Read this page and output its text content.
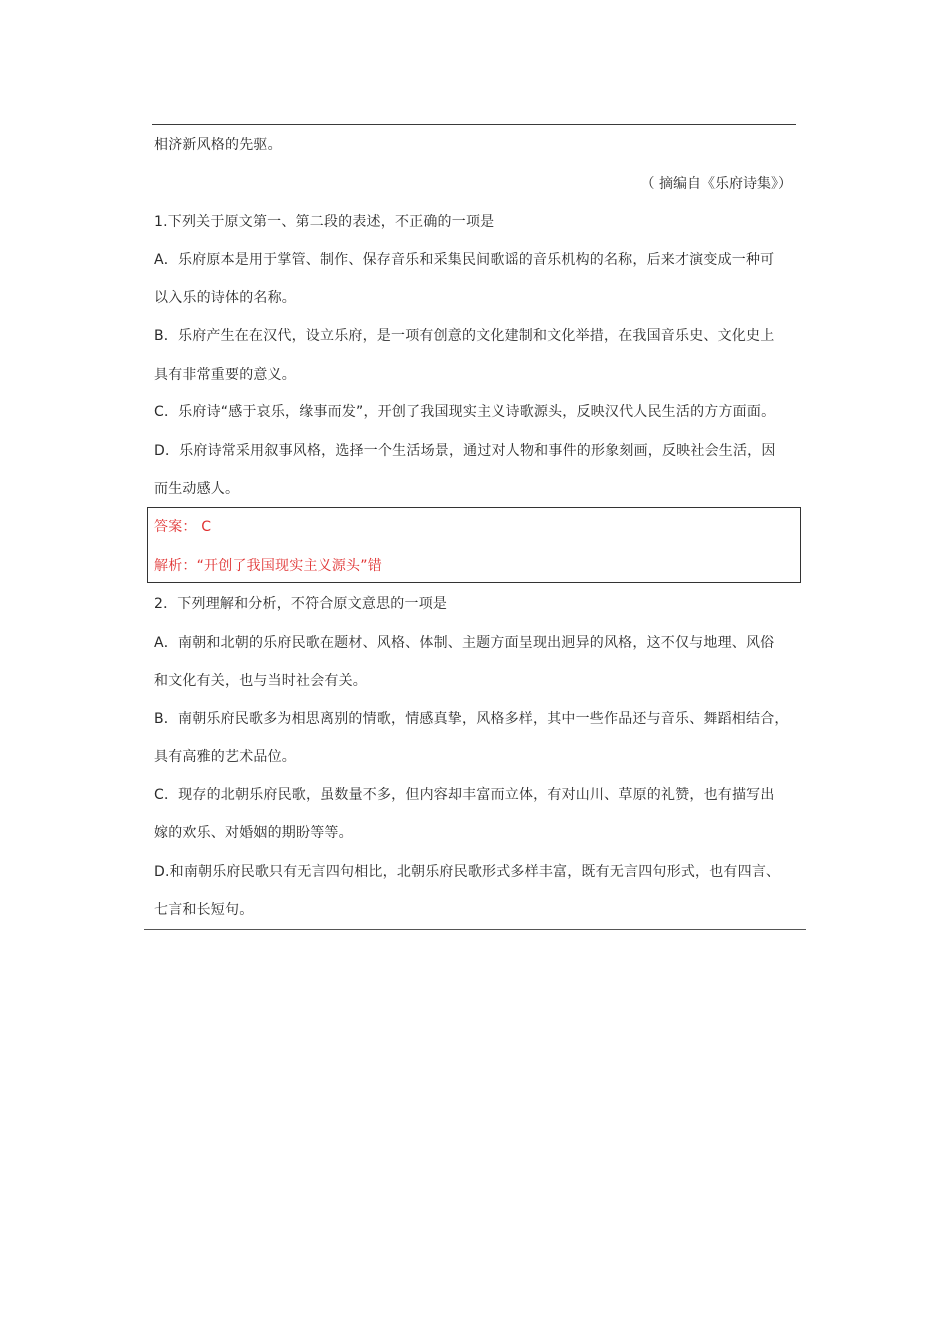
相济新风格的先驱。
（ 摘编自《乐府诗集》）
1.下列关于原文第一、第二段的表述，不正确的一项是
A．乐府原本是用于掌管、制作、保存音乐和采集民间歌谣的音乐机构的名称，后来才演变成一种可
以入乐的诗体的名称。
B．乐府产生在在汉代，设立乐府，是一项有创意的文化建制和文化举措，在我国音乐史、文化史上
具有非常重要的意义。
C．乐府诗“感于哀乐，缘事而发”，开创了我国现实主义诗歌源头，反映汉代人民生活的方方面面。
D．乐府诗常采用叙事风格，选择一个生活场景，通过对人物和事件的形象刻画，反映社会生活，因
而生动感人。
答案： C
解析：“开创了我国现实主义源头”错
2．下列理解和分析，不符合原文意思的一项是
A．南朝和北朝的乐府民歌在题材、风格、体制、主题方面呈现出迥异的风格，这不仅与地理、风俗
和文化有关，也与当时社会有关。
B．南朝乐府民歌多为相思离别的情歌，情感真挚，风格多样，其中一些作品还与音乐、舞蹈相结合，
具有高雅的艺术品位。
C．现存的北朝乐府民歌，虽数量不多，但内容却丰富而立体，有对山川、草原的礼赞，也有描写出
嫁的欢乐、对婚姻的期盼等等。
D.和南朝乐府民歌只有无言四句相比，北朝乐府民歌形式多样丰富，既有无言四句形式，也有四言、
七言和长短句。
